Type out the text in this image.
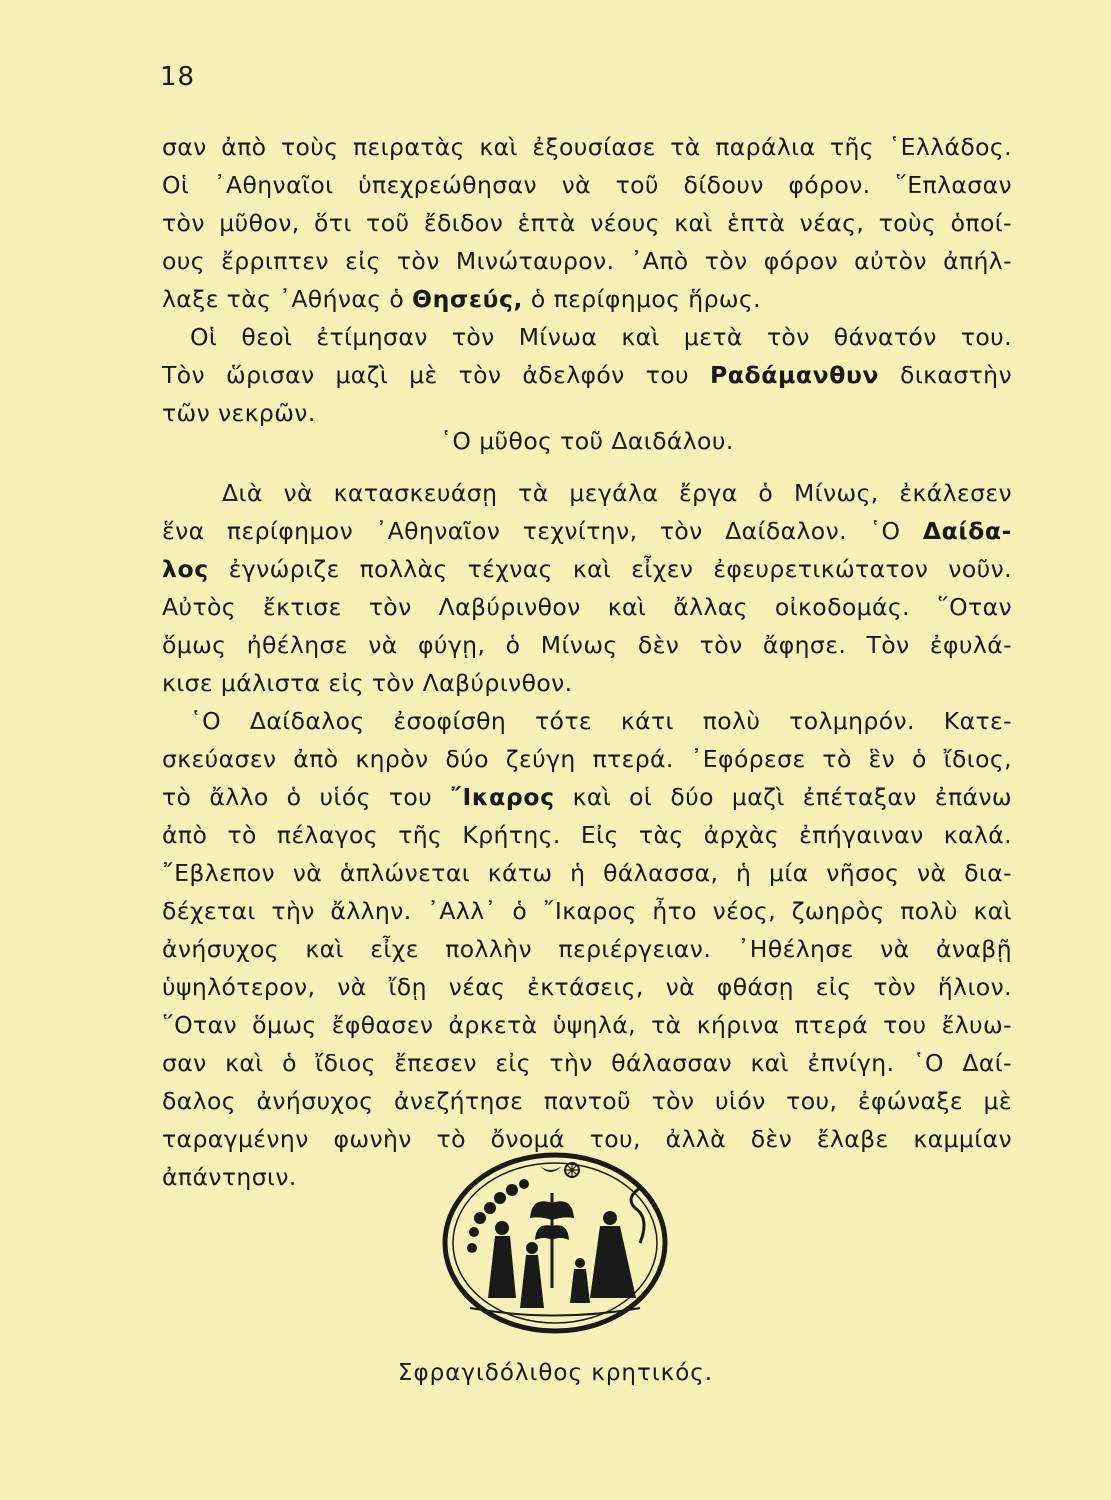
18
σαν ἀπὸ τοὺς πειρατὰς καὶ ἐξουσίασε τὰ παράλια τῆς ῾Ελλάδος.
Οἱ ᾿Αθηναῖοι ὑπεχρεώθησαν νὰ τοῦ δίδουν φόρον. ῞Επλασαν
τὸν μῦθον, ὅτι τοῦ ἔδιδον ἑπτὰ νέους καὶ ἑπτὰ νέας, τοὺς ὁποί-
ους ἔρριπτεν εἰς τὸν Μινώταυρον. ᾿Απὸ τὸν φόρον αὐτὸν ἀπήλ-
λαξε τὰς ᾿Αθήνας ὁ Θησεύς, ὁ περίφημος ἥρως.
Οἱ θεοὶ ἐτίμησαν τὸν Μίνωα καὶ μετὰ τὸν θάνατόν του.
Τὸν ὥρισαν μαζὶ μὲ τὸν ἀδελφόν του Ραδάμανθυν δικαστὴν
τῶν νεκρῶν.
῾Ο μῦθος τοῦ Δαιδάλου.
Διὰ νὰ κατασκευάσῃ τὰ μεγάλα ἔργα ὁ Μίνως, ἐκάλεσεν
ἕνα περίφημον ᾿Αθηναῖον τεχνίτην, τὸν Δαίδαλον. ῾Ο Δαίδα-
λος ἐγνώριζε πολλὰς τέχνας καὶ εἶχεν ἐφευρετικώτατον νοῦν.
Αὐτὸς ἔκτισε τὸν Λαβύρινθον καὶ ἄλλας οἰκοδομάς. ῞Οταν
ὅμως ἠθέλησε νὰ φύγῃ, ὁ Μίνως δὲν τὸν ἄφησε. Τὸν ἐφυλά-
κισε μάλιστα εἰς τὸν Λαβύρινθον.
῾Ο Δαίδαλος ἐσοφίσθη τότε κάτι πολὺ τολμηρόν. Κατε-
σκεύασεν ἀπὸ κηρὸν δύο ζεύγη πτερά. ᾿Εφόρεσε τὸ ἓν ὁ ἴδιος,
τὸ ἄλλο ὁ υἱός του ῎Ικαρος καὶ οἱ δύο μαζὶ ἐπέταξαν ἐπάνω
ἀπὸ τὸ πέλαγος τῆς Κρήτης. Εἰς τὰς ἀρχὰς ἐπήγαιναν καλά.
῎Εβλεπον νὰ ἁπλώνεται κάτω ἡ θάλασσα, ἡ μία νῆσος νὰ δια-
δέχεται τὴν ἄλλην. ᾿Αλλ᾿ ὁ ῎Ικαρος ἦτο νέος, ζωηρὸς πολὺ καὶ
ἀνήσυχος καὶ εἶχε πολλὴν περιέργειαν. ᾿Ηθέλησε νὰ ἀναβῇ
ὑψηλότερον, νὰ ἴδῃ νέας ἐκτάσεις, νὰ φθάσῃ εἰς τὸν ἥλιον.
῞Οταν ὅμως ἔφθασεν ἀρκετὰ ὑψηλά, τὰ κήρινα πτερά του ἔλυω-
σαν καὶ ὁ ἴδιος ἔπεσεν εἰς τὴν θάλασσαν καὶ ἐπνίγη. ῾Ο Δαί-
δαλος ἀνήσυχος ἀνεζήτησε παντοῦ τὸν υἱόν του, ἐφώναξε μὲ
ταραγμένην φωνὴν τὸ ὄνομά του, ἀλλὰ δὲν ἔλαβε καμμίαν
ἀπάντησιν.
Σφραγιδόλιθος κρητικός.
